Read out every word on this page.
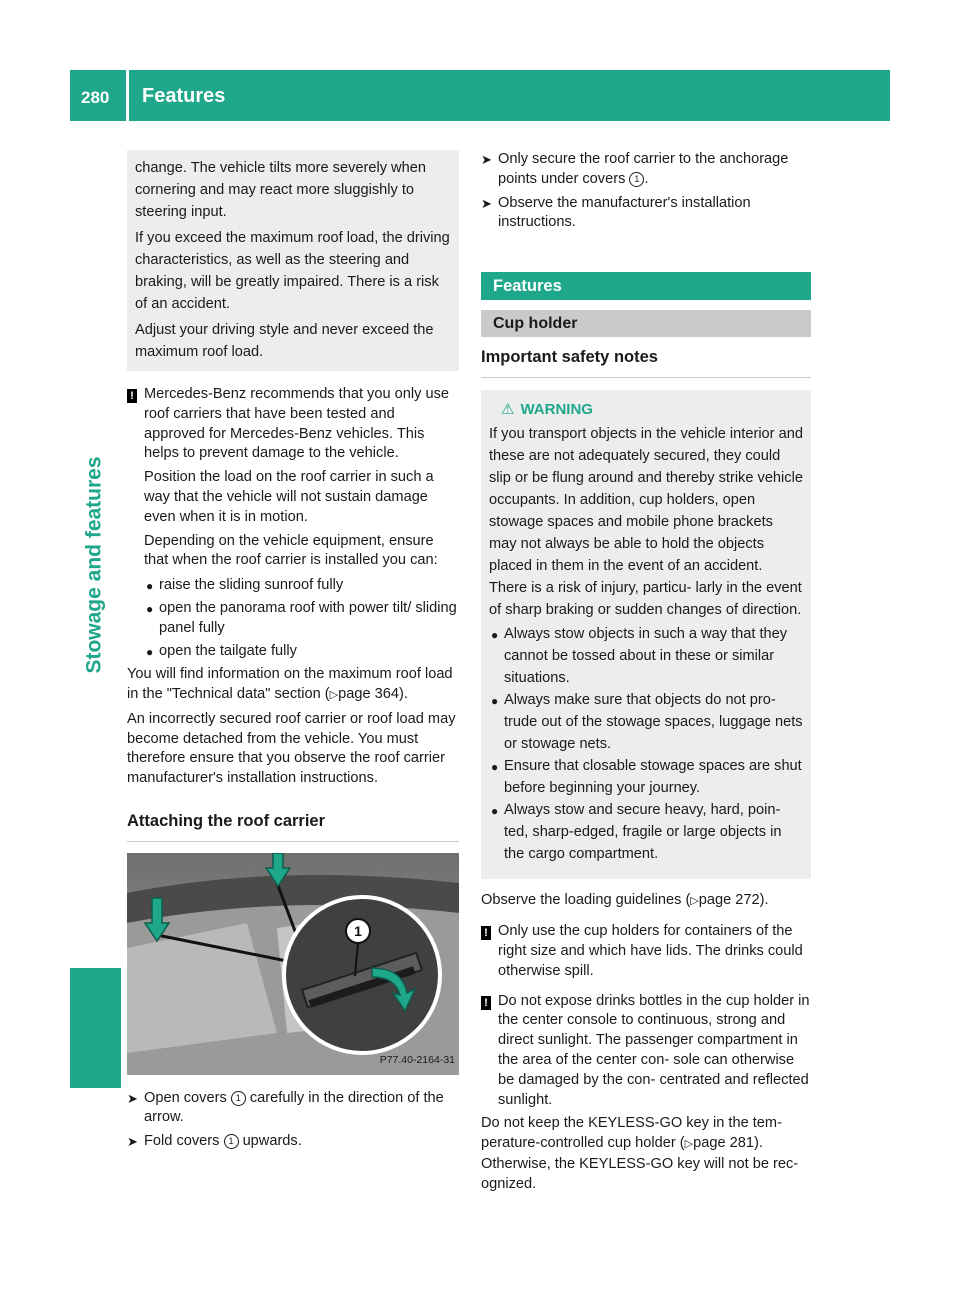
280 Features
Stowage and features

change. The vehicle tilts more severely when cornering and may react more sluggishly to steering input.

If you exceed the maximum roof load, the driving characteristics, as well as the steering and braking, will be greatly impaired. There is a risk of an accident.

Adjust your driving style and never exceed the maximum roof load.

! Mercedes-Benz recommends that you only use roof carriers that have been tested and approved for Mercedes-Benz vehicles. This helps to prevent damage to the vehicle.

Position the load on the roof carrier in such a way that the vehicle will not sustain damage even when it is in motion.

Depending on the vehicle equipment, ensure that when the roof carrier is installed you can:

● raise the sliding sunroof fully
● open the panorama roof with power tilt/ sliding panel fully
● open the tailgate fully

You will find information on the maximum roof load in the "Technical data" section (▷page 364).

An incorrectly secured roof carrier or roof load may become detached from the vehicle. You must therefore ensure that you observe the roof carrier manufacturer's installation instructions.

Attaching the roof carrier
1
P77.40-2164-31
➤ Open covers 1 carefully in the direction of the arrow.
➤ Fold covers 1 upwards.
➤ Only secure the roof carrier to the anchorage points under covers 1 .
➤ Observe the manufacturer's installation instructions.
Features
Cup holder
Important safety notes
⚠ WARNING

If you transport objects in the vehicle interior and these are not adequately secured, they could slip or be flung around and thereby strike vehicle occupants. In addition, cup holders, open stowage spaces and mobile phone brackets may not always be able to hold the objects placed in them in the event of an accident. There is a risk of injury, particu- larly in the event of sharp braking or sudden changes of direction.

● Always stow objects in such a way that they cannot be tossed about in these or similar situations.
● Always make sure that objects do not pro- trude out of the stowage spaces, luggage nets or stowage nets.
● Ensure that closable stowage spaces are shut before beginning your journey.
● Always stow and secure heavy, hard, poin- ted, sharp-edged, fragile or large objects in the cargo compartment.

Observe the loading guidelines (▷page 272).

! Only use the cup holders for containers of the right size and which have lids. The drinks could otherwise spill.

! Do not expose drinks bottles in the cup holder in the center console to continuous, strong and direct sunlight. The passenger compartment in the area of the center con- sole can otherwise be damaged by the con- centrated and reflected sunlight.

Do not keep the KEYLESS-GO key in the tem- perature-controlled cup holder (▷page 281). Otherwise, the KEYLESS-GO key will not be rec- ognized.
